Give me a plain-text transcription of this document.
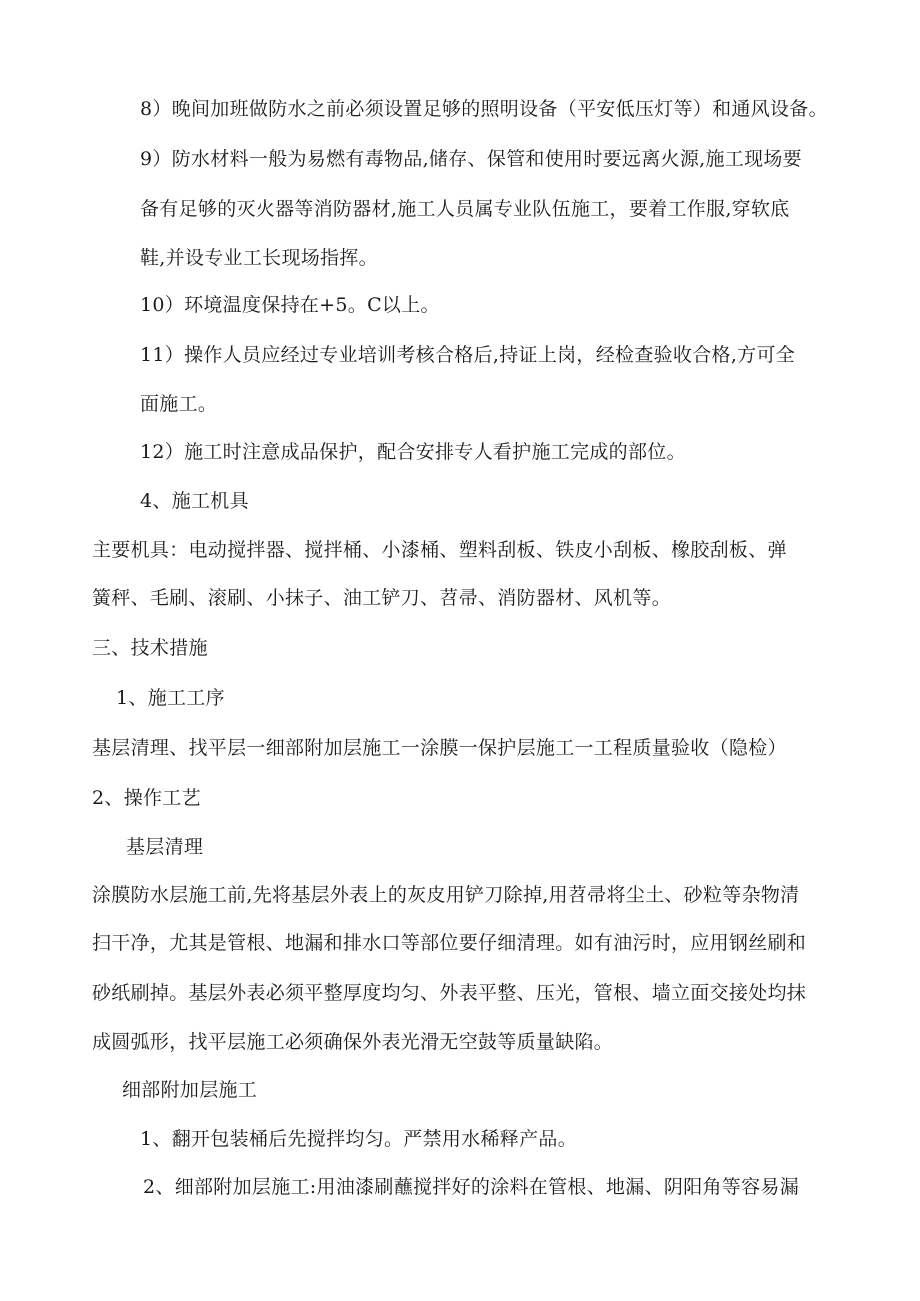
8）晚间加班做防水之前必须设置足够的照明设备（平安低压灯等）和通风设备。
9）防水材料一般为易燃有毒物品,储存、保管和使用时要远离火源,施工现场要
备有足够的灭火器等消防器材,施工人员属专业队伍施工，要着工作服,穿软底
鞋,并设专业工长现场指挥。
10）环境温度保持在+5。C以上。
11）操作人员应经过专业培训考核合格后,持证上岗，经检查验收合格,方可全
面施工。
12）施工时注意成品保护，配合安排专人看护施工完成的部位。
4、施工机具
主要机具：电动搅拌器、搅拌桶、小漆桶、塑料刮板、铁皮小刮板、橡胶刮板、弹
簧秤、毛刷、滚刷、小抹子、油工铲刀、苕帚、消防器材、风机等。
三、技术措施
1、施工工序
基层清理、找平层一细部附加层施工一涂膜一保护层施工一工程质量验收（隐检）
2、操作工艺
基层清理
涂膜防水层施工前,先将基层外表上的灰皮用铲刀除掉,用苕帚将尘土、砂粒等杂物清
扫干净，尤其是管根、地漏和排水口等部位要仔细清理。如有油污时，应用钢丝刷和
砂纸刷掉。基层外表必须平整厚度均匀、外表平整、压光，管根、墙立面交接处均抹
成圆弧形，找平层施工必须确保外表光滑无空鼓等质量缺陷。
细部附加层施工
1、翻开包装桶后先搅拌均匀。严禁用水稀释产品。
2、细部附加层施工:用油漆刷蘸搅拌好的涂料在管根、地漏、阴阳角等容易漏
